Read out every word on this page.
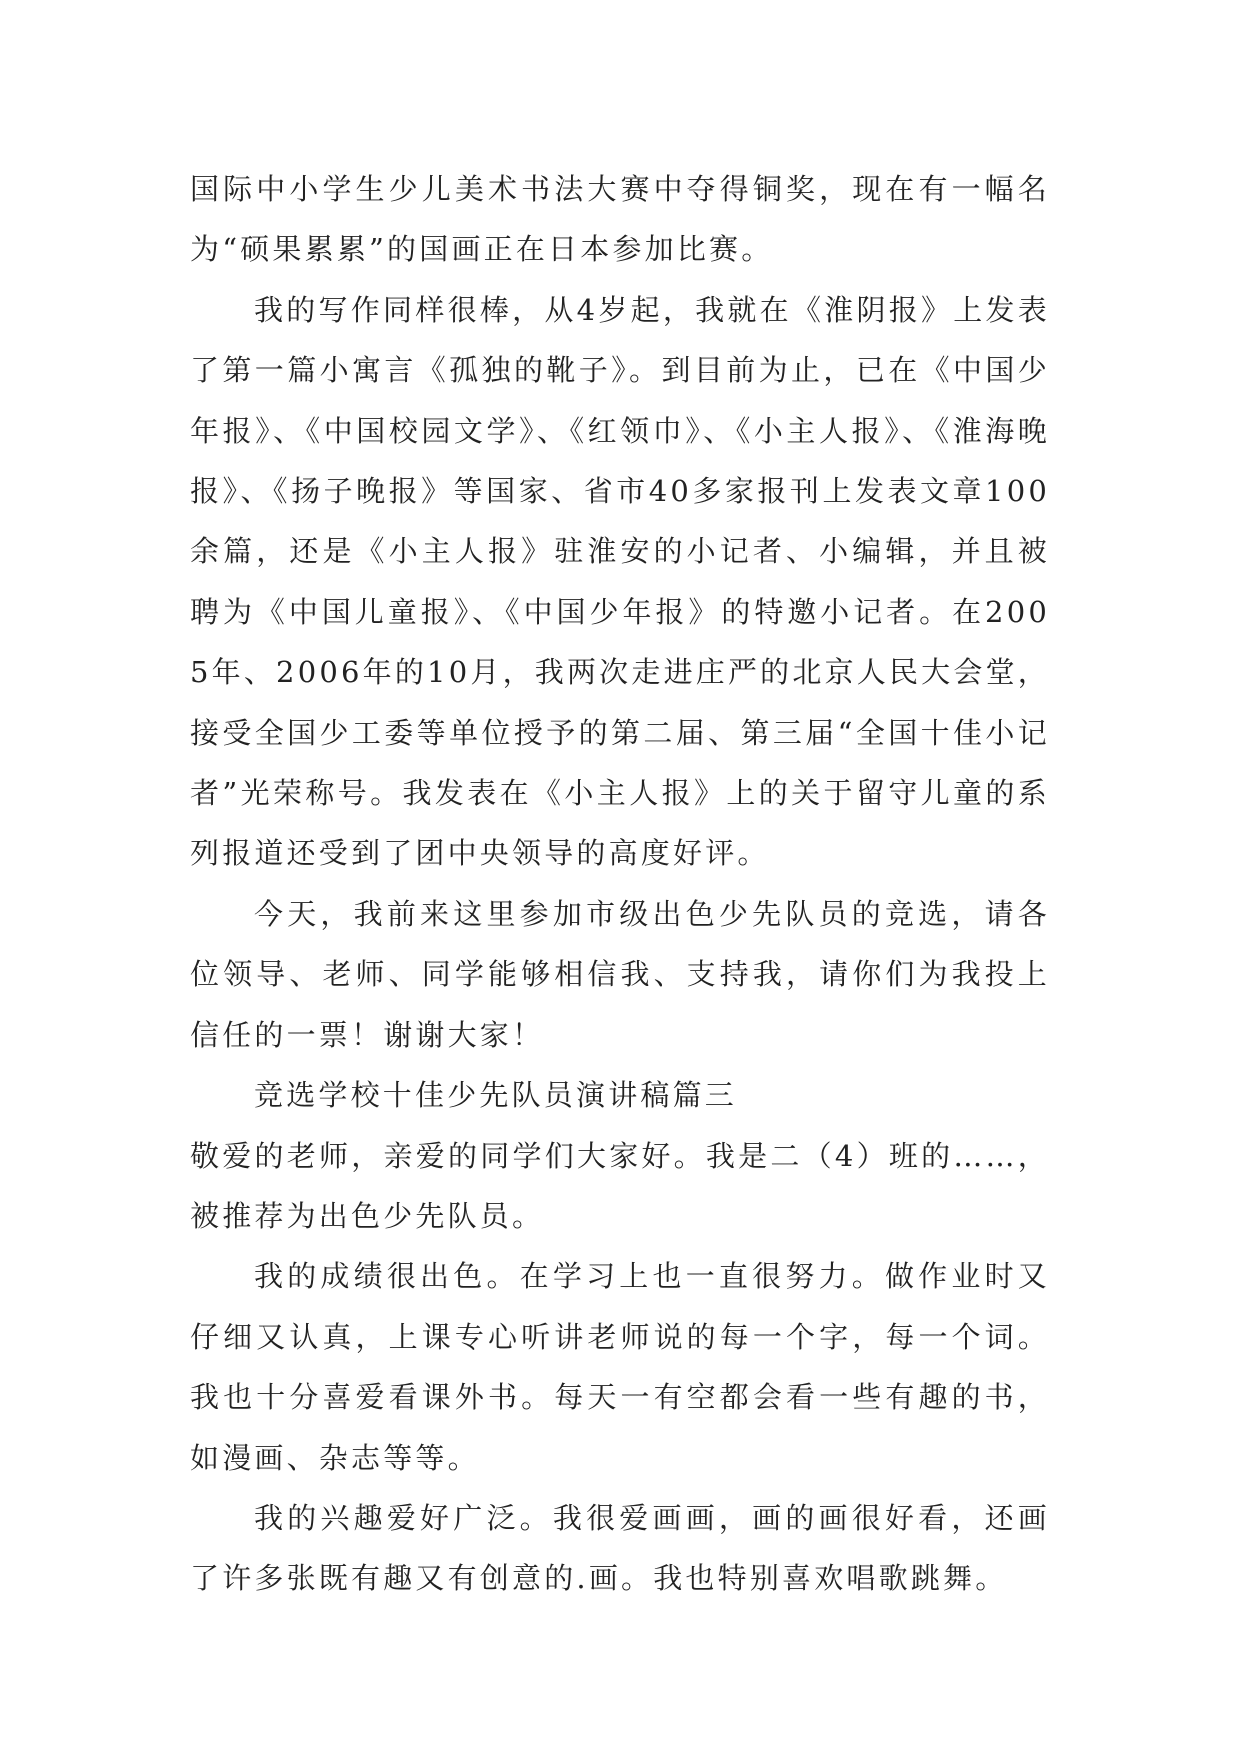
国际中小学生少儿美术书法大赛中夺得铜奖，现在有一幅名为“硕果累累”的国画正在日本参加比赛。

我的写作同样很棒，从4岁起，我就在《淮阴报》上发表了第一篇小寓言《孤独的靴子》。到目前为止，已在《中国少年报》、《中国校园文学》、《红领巾》、《小主人报》、《淮海晚报》、《扬子晚报》等国家、省市40多家报刊上发表文章100余篇，还是《小主人报》驻淮安的小记者、小编辑，并且被聘为《中国儿童报》、《中国少年报》的特邀小记者。在2005年、2006年的10月，我两次走进庄严的北京人民大会堂，接受全国少工委等单位授予的第二届、第三届“全国十佳小记者”光荣称号。我发表在《小主人报》上的关于留守儿童的系列报道还受到了团中央领导的高度好评。

今天，我前来这里参加市级出色少先队员的竞选，请各位领导、老师、同学能够相信我、支持我，请你们为我投上信任的一票！谢谢大家！

竞选学校十佳少先队员演讲稿篇三

敬爱的老师，亲爱的同学们大家好。我是二（4）班的……，被推荐为出色少先队员。

我的成绩很出色。在学习上也一直很努力。做作业时又仔细又认真，上课专心听讲老师说的每一个字，每一个词。我也十分喜爱看课外书。每天一有空都会看一些有趣的书，如漫画、杂志等等。

我的兴趣爱好广泛。我很爱画画，画的画很好看，还画了许多张既有趣又有创意的.画。我也特别喜欢唱歌跳舞。
